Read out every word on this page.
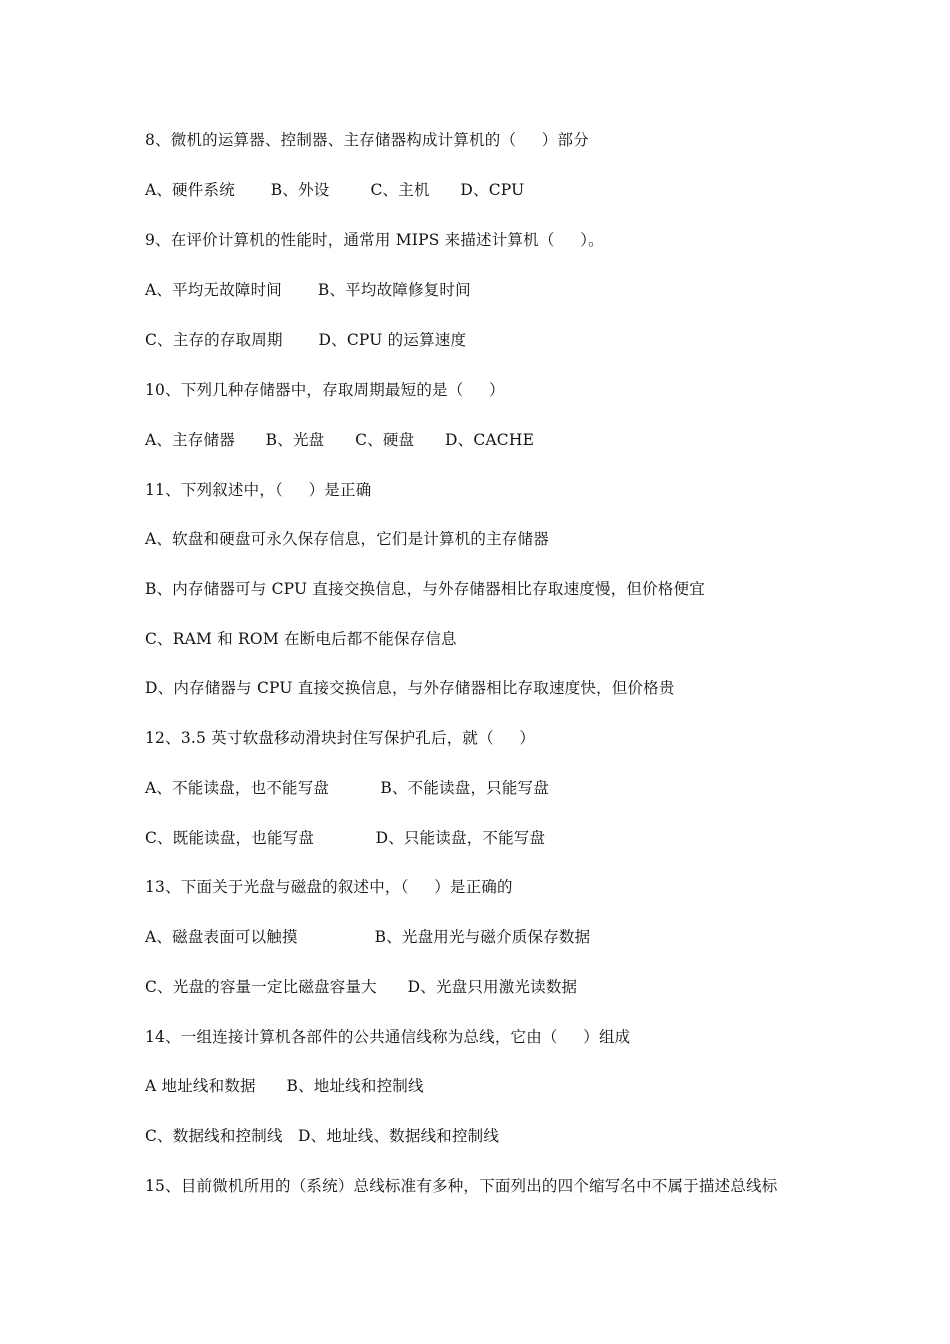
8、微机的运算器、控制器、主存储器构成计算机的（     ）部分
A、硬件系统       B、外设        C、主机      D、CPU
9、在评价计算机的性能时，通常用 MIPS 来描述计算机（     ）。
A、平均无故障时间       B、平均故障修复时间
C、主存的存取周期       D、CPU 的运算速度
10、下列几种存储器中，存取周期最短的是（     ）
A、主存储器      B、光盘      C、硬盘      D、CACHE
11、下列叙述中，（     ）是正确
A、软盘和硬盘可永久保存信息，它们是计算机的主存储器
B、内存储器可与 CPU 直接交换信息，与外存储器相比存取速度慢，但价格便宜
C、RAM 和 ROM 在断电后都不能保存信息
D、内存储器与 CPU 直接交换信息，与外存储器相比存取速度快，但价格贵
12、3.5 英寸软盘移动滑块封住写保护孔后，就（     ）
A、不能读盘，也不能写盘          B、不能读盘，只能写盘
C、既能读盘，也能写盘            D、只能读盘，不能写盘
13、下面关于光盘与磁盘的叙述中，（     ）是正确的
A、磁盘表面可以触摸               B、光盘用光与磁介质保存数据
C、光盘的容量一定比磁盘容量大      D、光盘只用激光读数据
14、一组连接计算机各部件的公共通信线称为总线，它由（     ）组成
A 地址线和数据      B、地址线和控制线
C、数据线和控制线   D、地址线、数据线和控制线
15、目前微机所用的（系统）总线标准有多种，下面列出的四个缩写名中不属于描述总线标
